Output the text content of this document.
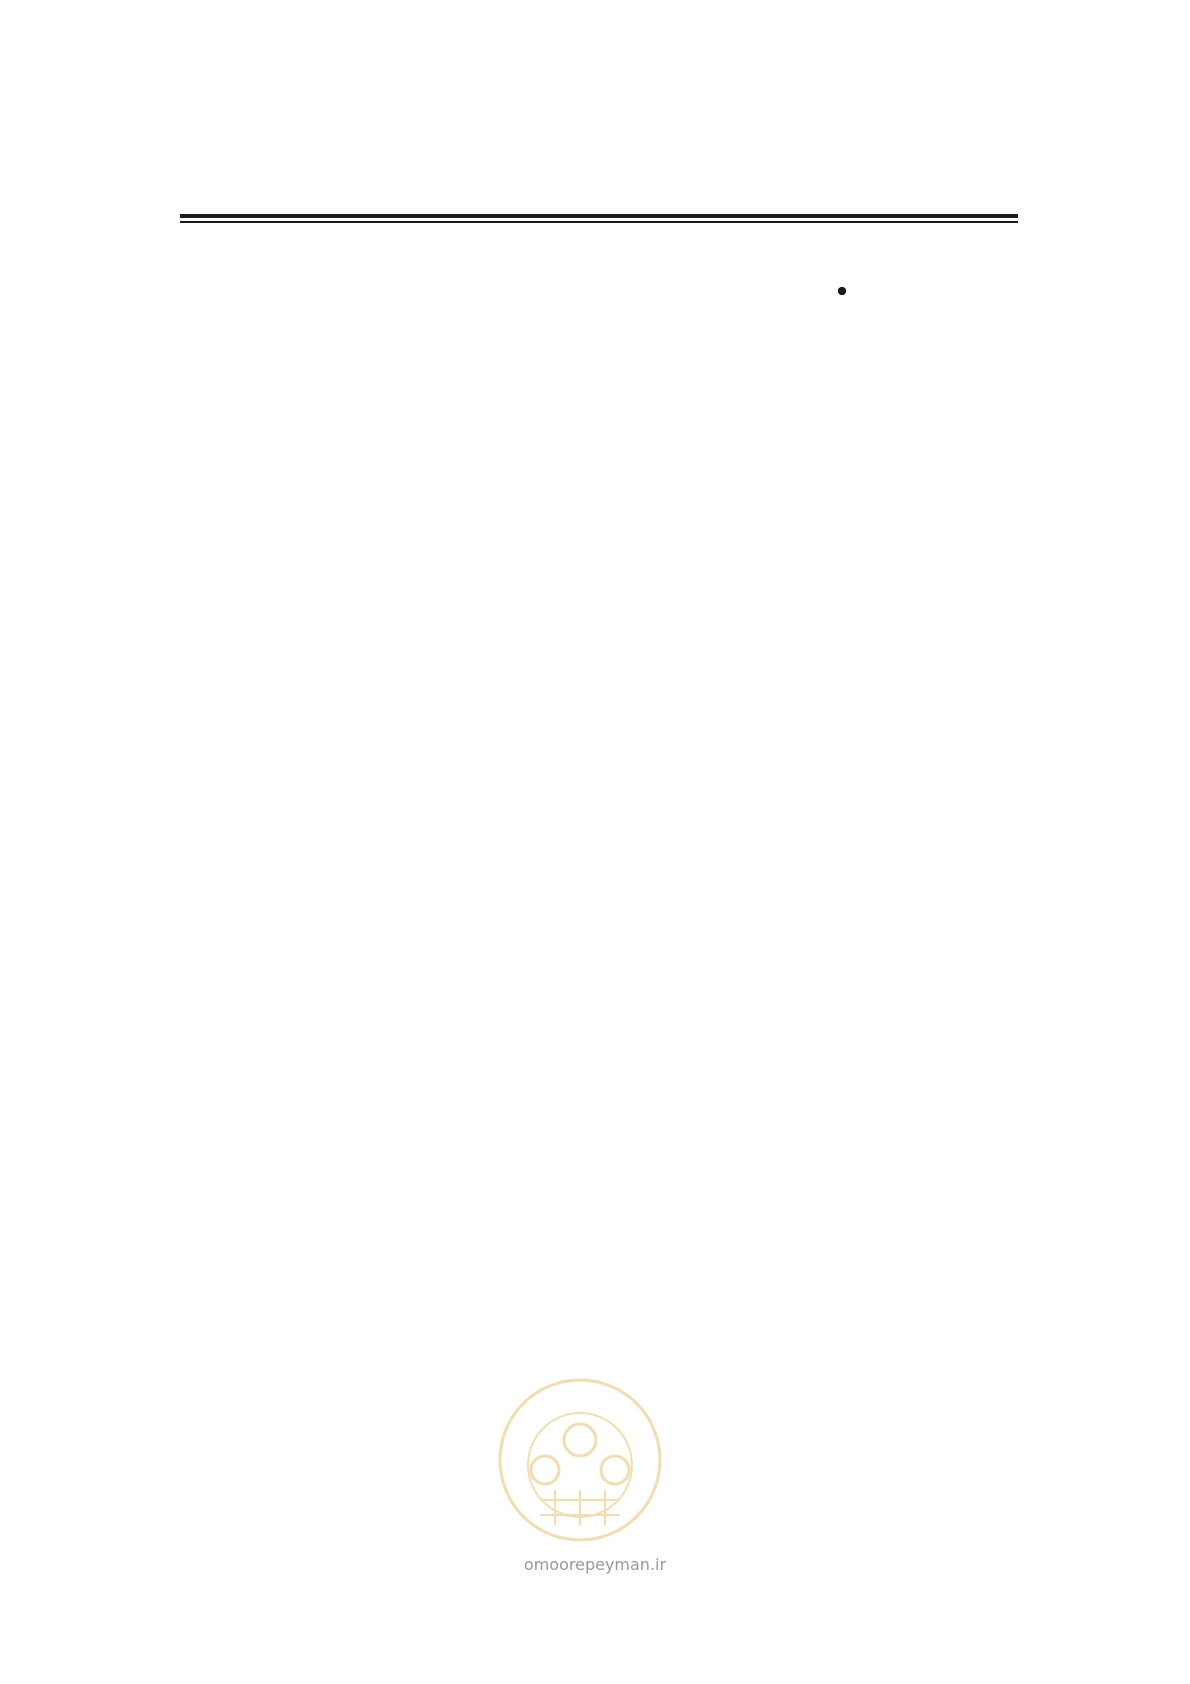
omoorepeyman.ir
